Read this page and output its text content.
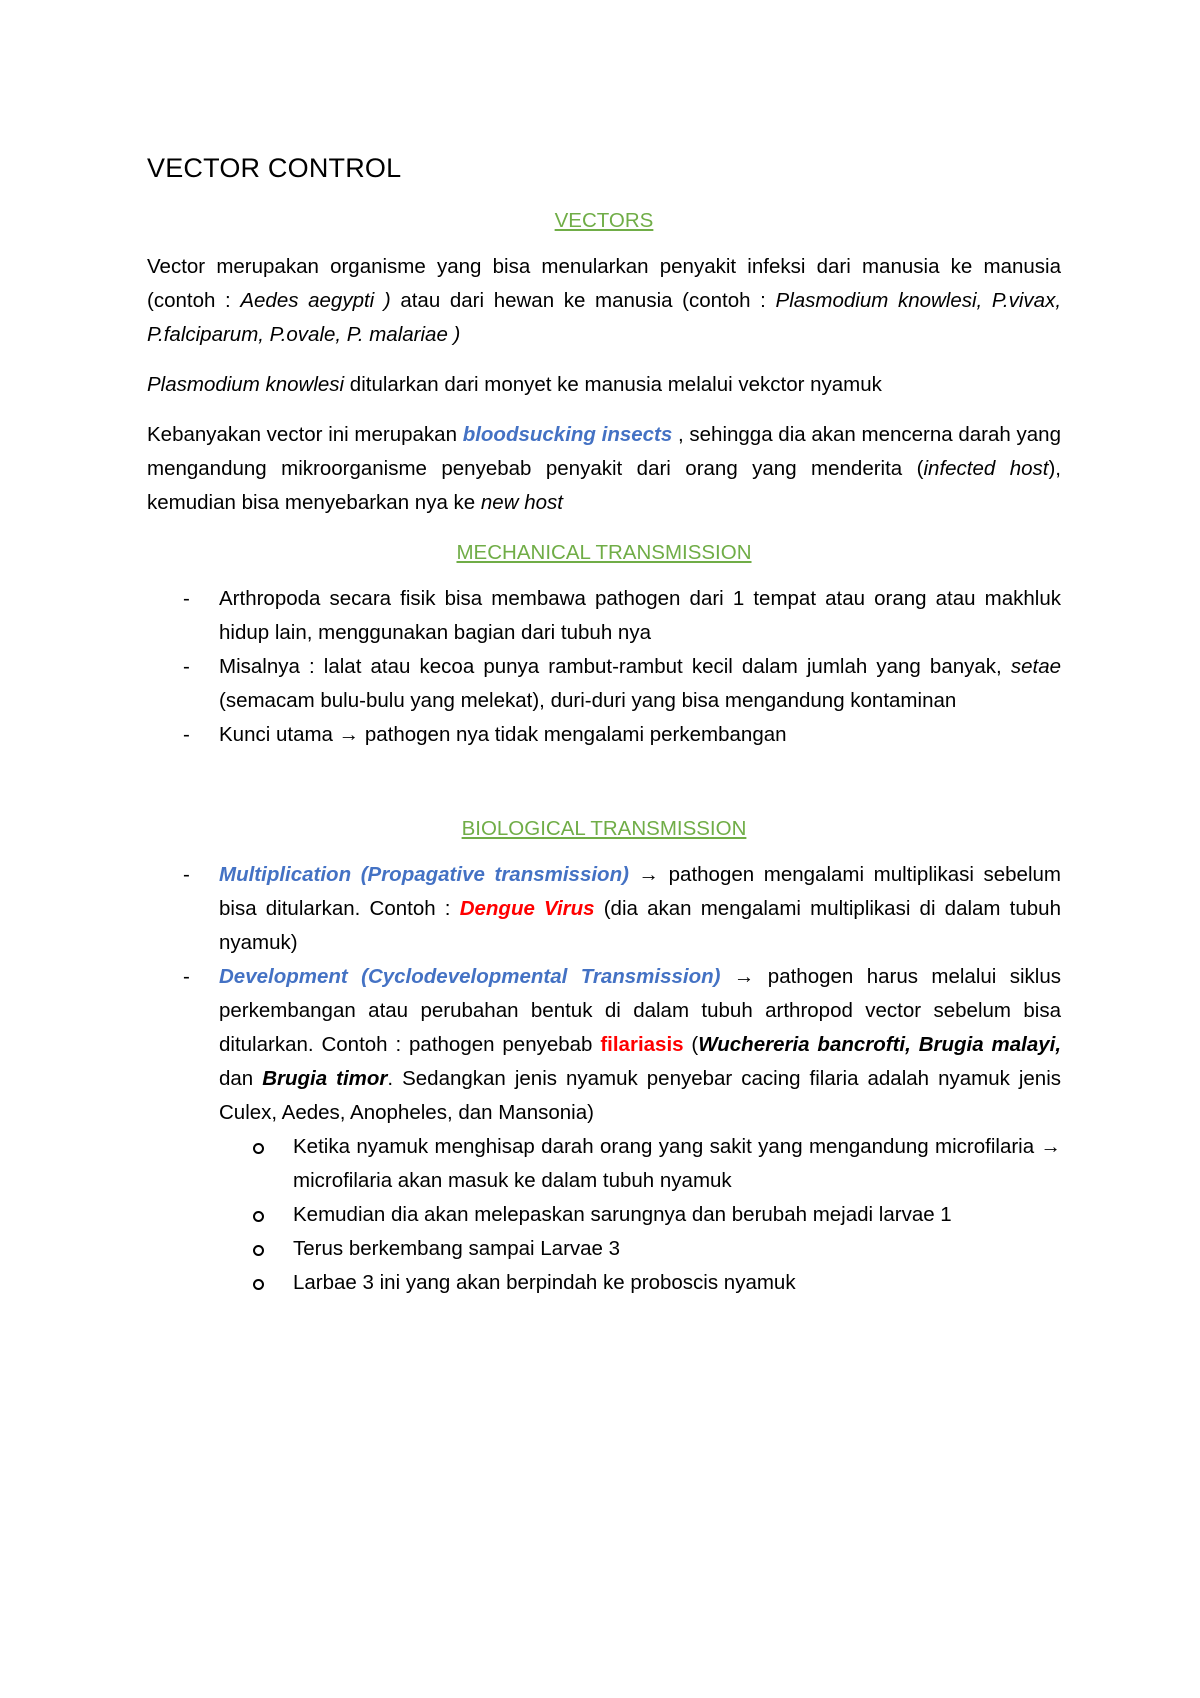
VECTOR CONTROL
VECTORS

Vector merupakan organisme yang bisa menularkan penyakit infeksi dari manusia ke manusia (contoh : Aedes aegypti ) atau dari hewan ke manusia (contoh : Plasmodium knowlesi, P.vivax, P.falciparum, P.ovale, P. malariae )

Plasmodium knowlesi ditularkan dari monyet ke manusia melalui vekctor nyamuk

Kebanyakan vector ini merupakan bloodsucking insects , sehingga dia akan mencerna darah yang mengandung mikroorganisme penyebab penyakit dari orang yang menderita (infected host), kemudian bisa menyebarkan nya ke new host

MECHANICAL TRANSMISSION
- Arthropoda secara fisik bisa membawa pathogen dari 1 tempat atau orang atau makhluk hidup lain, menggunakan bagian dari tubuh nya
- Misalnya : lalat atau kecoa punya rambut-rambut kecil dalam jumlah yang banyak, setae (semacam bulu-bulu yang melekat), duri-duri yang bisa mengandung kontaminan
- Kunci utama → pathogen nya tidak mengalami perkembangan
BIOLOGICAL TRANSMISSION
- Multiplication (Propagative transmission) → pathogen mengalami multiplikasi sebelum bisa ditularkan. Contoh : Dengue Virus (dia akan mengalami multiplikasi di dalam tubuh nyamuk)
- Development (Cyclodevelopmental Transmission) → pathogen harus melalui siklus perkembangan atau perubahan bentuk di dalam tubuh arthropod vector sebelum bisa ditularkan. Contoh : pathogen penyebab filariasis (Wuchereria bancrofti, Brugia malayi, dan Brugia timor. Sedangkan jenis nyamuk penyebar cacing filaria adalah nyamuk jenis Culex, Aedes, Anopheles, dan Mansonia)
Ketika nyamuk menghisap darah orang yang sakit yang mengandung microfilaria → microfilaria akan masuk ke dalam tubuh nyamuk
Kemudian dia akan melepaskan sarungnya dan berubah mejadi larvae 1
Terus berkembang sampai Larvae 3
Larbae 3 ini yang akan berpindah ke proboscis nyamuk
